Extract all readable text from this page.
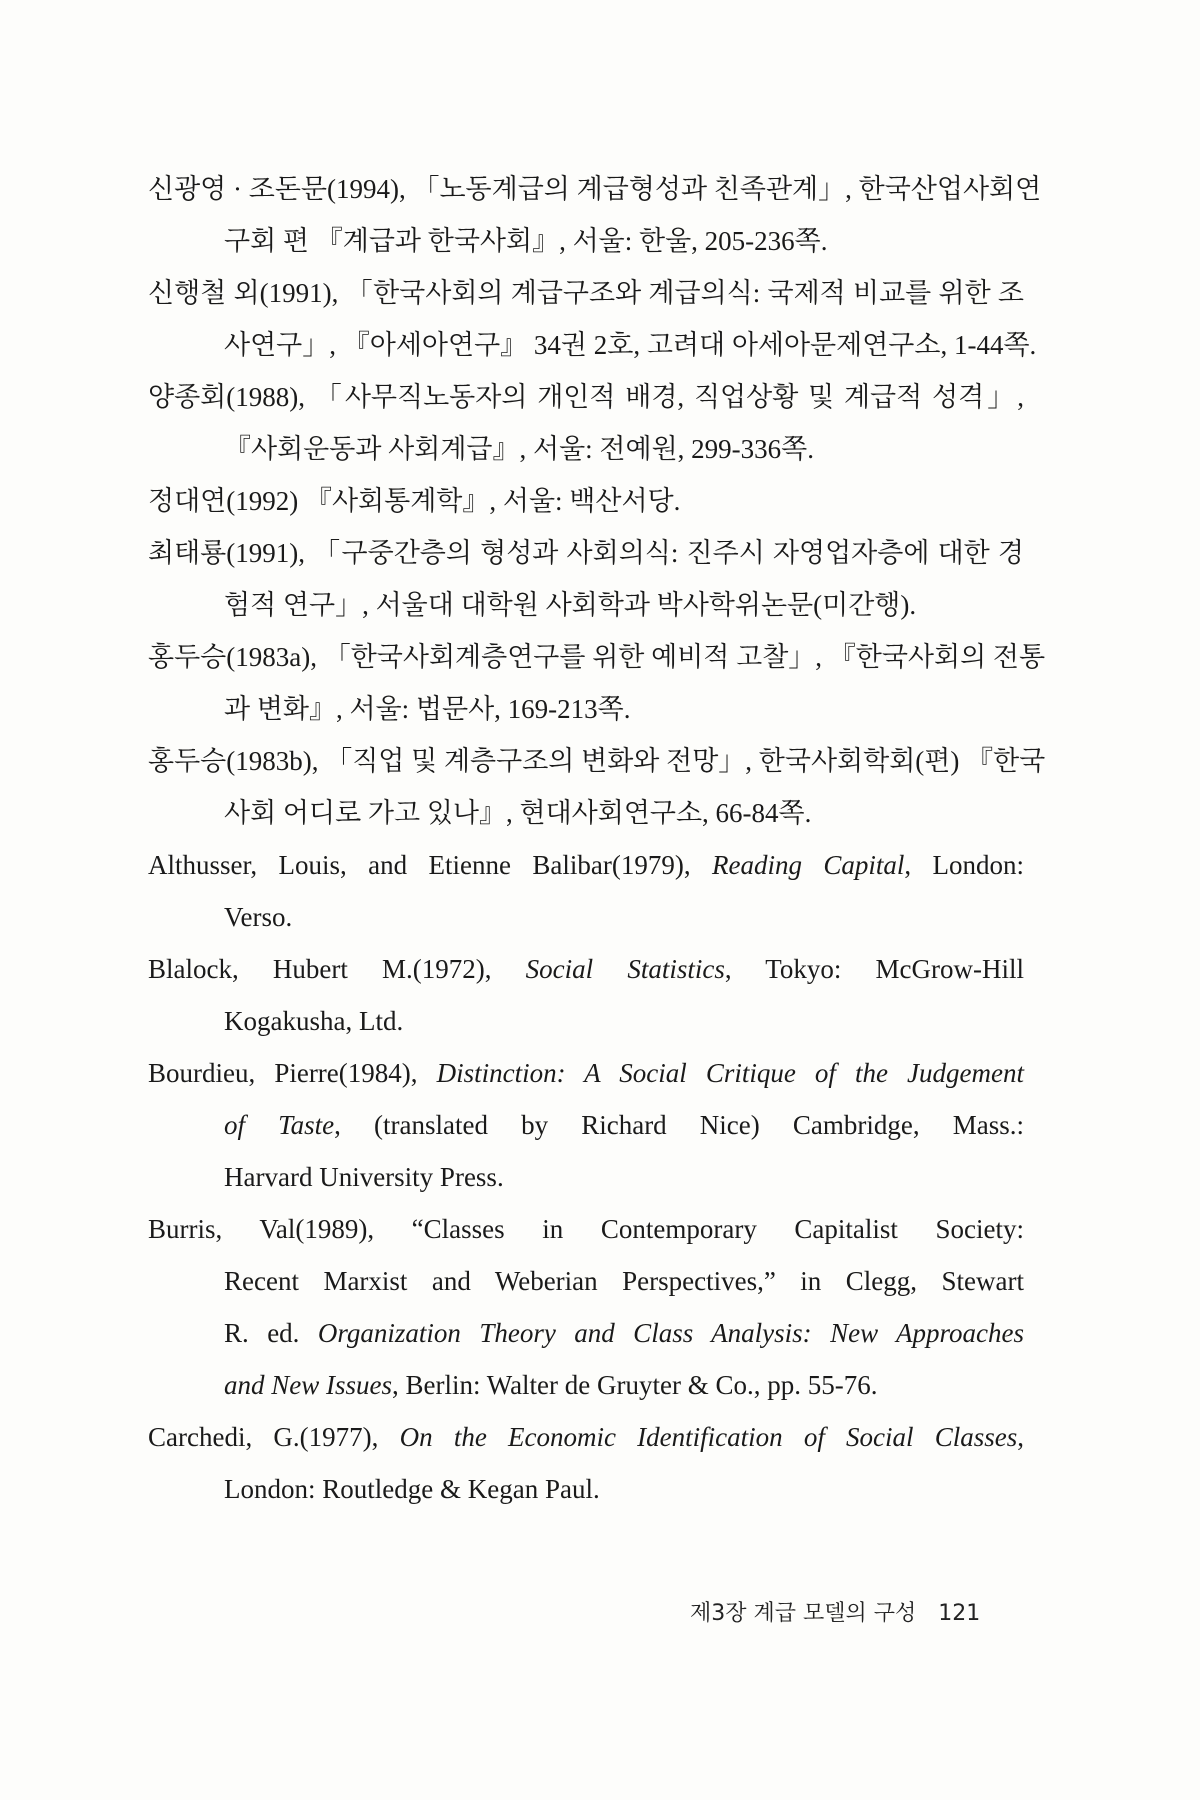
신광영 · 조돈문(1994), 「노동계급의 계급형성과 친족관계」, 한국산업사회연
구회 편 『계급과 한국사회』, 서울: 한울, 205-236쪽.
신행철 외(1991), 「한국사회의 계급구조와 계급의식: 국제적 비교를 위한 조
사연구」, 『아세아연구』 34권 2호, 고려대 아세아문제연구소, 1-44쪽.
양종회(1988), 「사무직노동자의 개인적 배경, 직업상황 및 계급적 성격」,
『사회운동과 사회계급』, 서울: 전예원, 299-336쪽.
정대연(1992) 『사회통계학』, 서울: 백산서당.
최태룡(1991), 「구중간층의 형성과 사회의식: 진주시 자영업자층에 대한 경
험적 연구」, 서울대 대학원 사회학과 박사학위논문(미간행).
홍두승(1983a), 「한국사회계층연구를 위한 예비적 고찰」, 『한국사회의 전통
과 변화』, 서울: 법문사, 169-213쪽.
홍두승(1983b), 「직업 및 계층구조의 변화와 전망」, 한국사회학회(편) 『한국
사회 어디로 가고 있나』, 현대사회연구소, 66-84쪽.
Althusser, Louis, and Etienne Balibar(1979), Reading Capital, London:
Verso.
Blalock, Hubert M.(1972), Social Statistics, Tokyo: McGrow-Hill
Kogakusha, Ltd.
Bourdieu, Pierre(1984), Distinction: A Social Critique of the Judgement
of Taste, (translated by Richard Nice) Cambridge, Mass.:
Harvard University Press.
Burris, Val(1989), “Classes in Contemporary Capitalist Society:
Recent Marxist and Weberian Perspectives,” in Clegg, Stewart
R. ed. Organization Theory and Class Analysis: New Approaches
and New Issues, Berlin: Walter de Gruyter & Co., pp. 55-76.
Carchedi, G.(1977), On the Economic Identification of Social Classes,
London: Routledge & Kegan Paul.
제3장 계급 모델의 구성 121
